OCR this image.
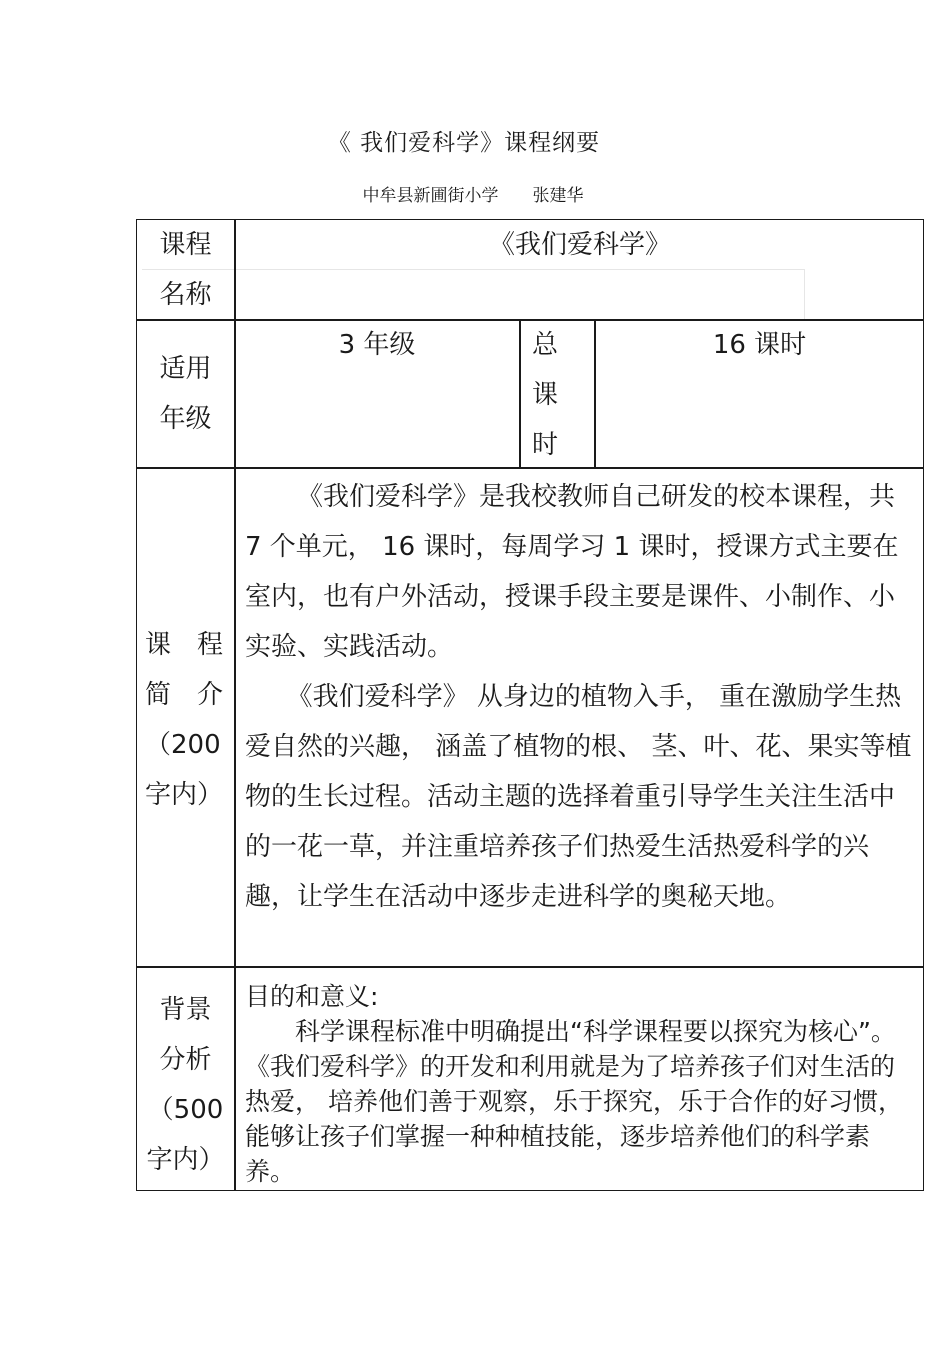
《 我们爱科学》课程纲要
中牟县新圃街小学 张建华
课程
名称
《我们爱科学》
适用
年级
3 年级	总
课
时
16 课时
课　程
简　介
（200
字内）

《我们爱科学》是我校教师自己研发的校本课程，共 7 个单元， 16 课时，每周学习 1 课时，授课方式主要在室内，也有户外活动，授课手段主要是课件、小制作、小实验、实践活动。

《我们爱科学》 从身边的植物入手， 重在激励学生热爱自然的兴趣， 涵盖了植物的根、 茎、叶、花、果实等植物的生长过程。活动主题的选择着重引导学生关注生活中的一花一草，并注重培养孩子们热爱生活热爱科学的兴趣，让学生在活动中逐步走进科学的奥秘天地。

背景
分析
（500
字内）

目的和意义:

科学课程标准中明确提出“科学课程要以探究为核心”。《我们爱科学》的开发和利用就是为了培养孩子们对生活的热爱， 培养他们善于观察，乐于探究，乐于合作的好习惯，能够让孩子们掌握一种种植技能，逐步培养他们的科学素养。
